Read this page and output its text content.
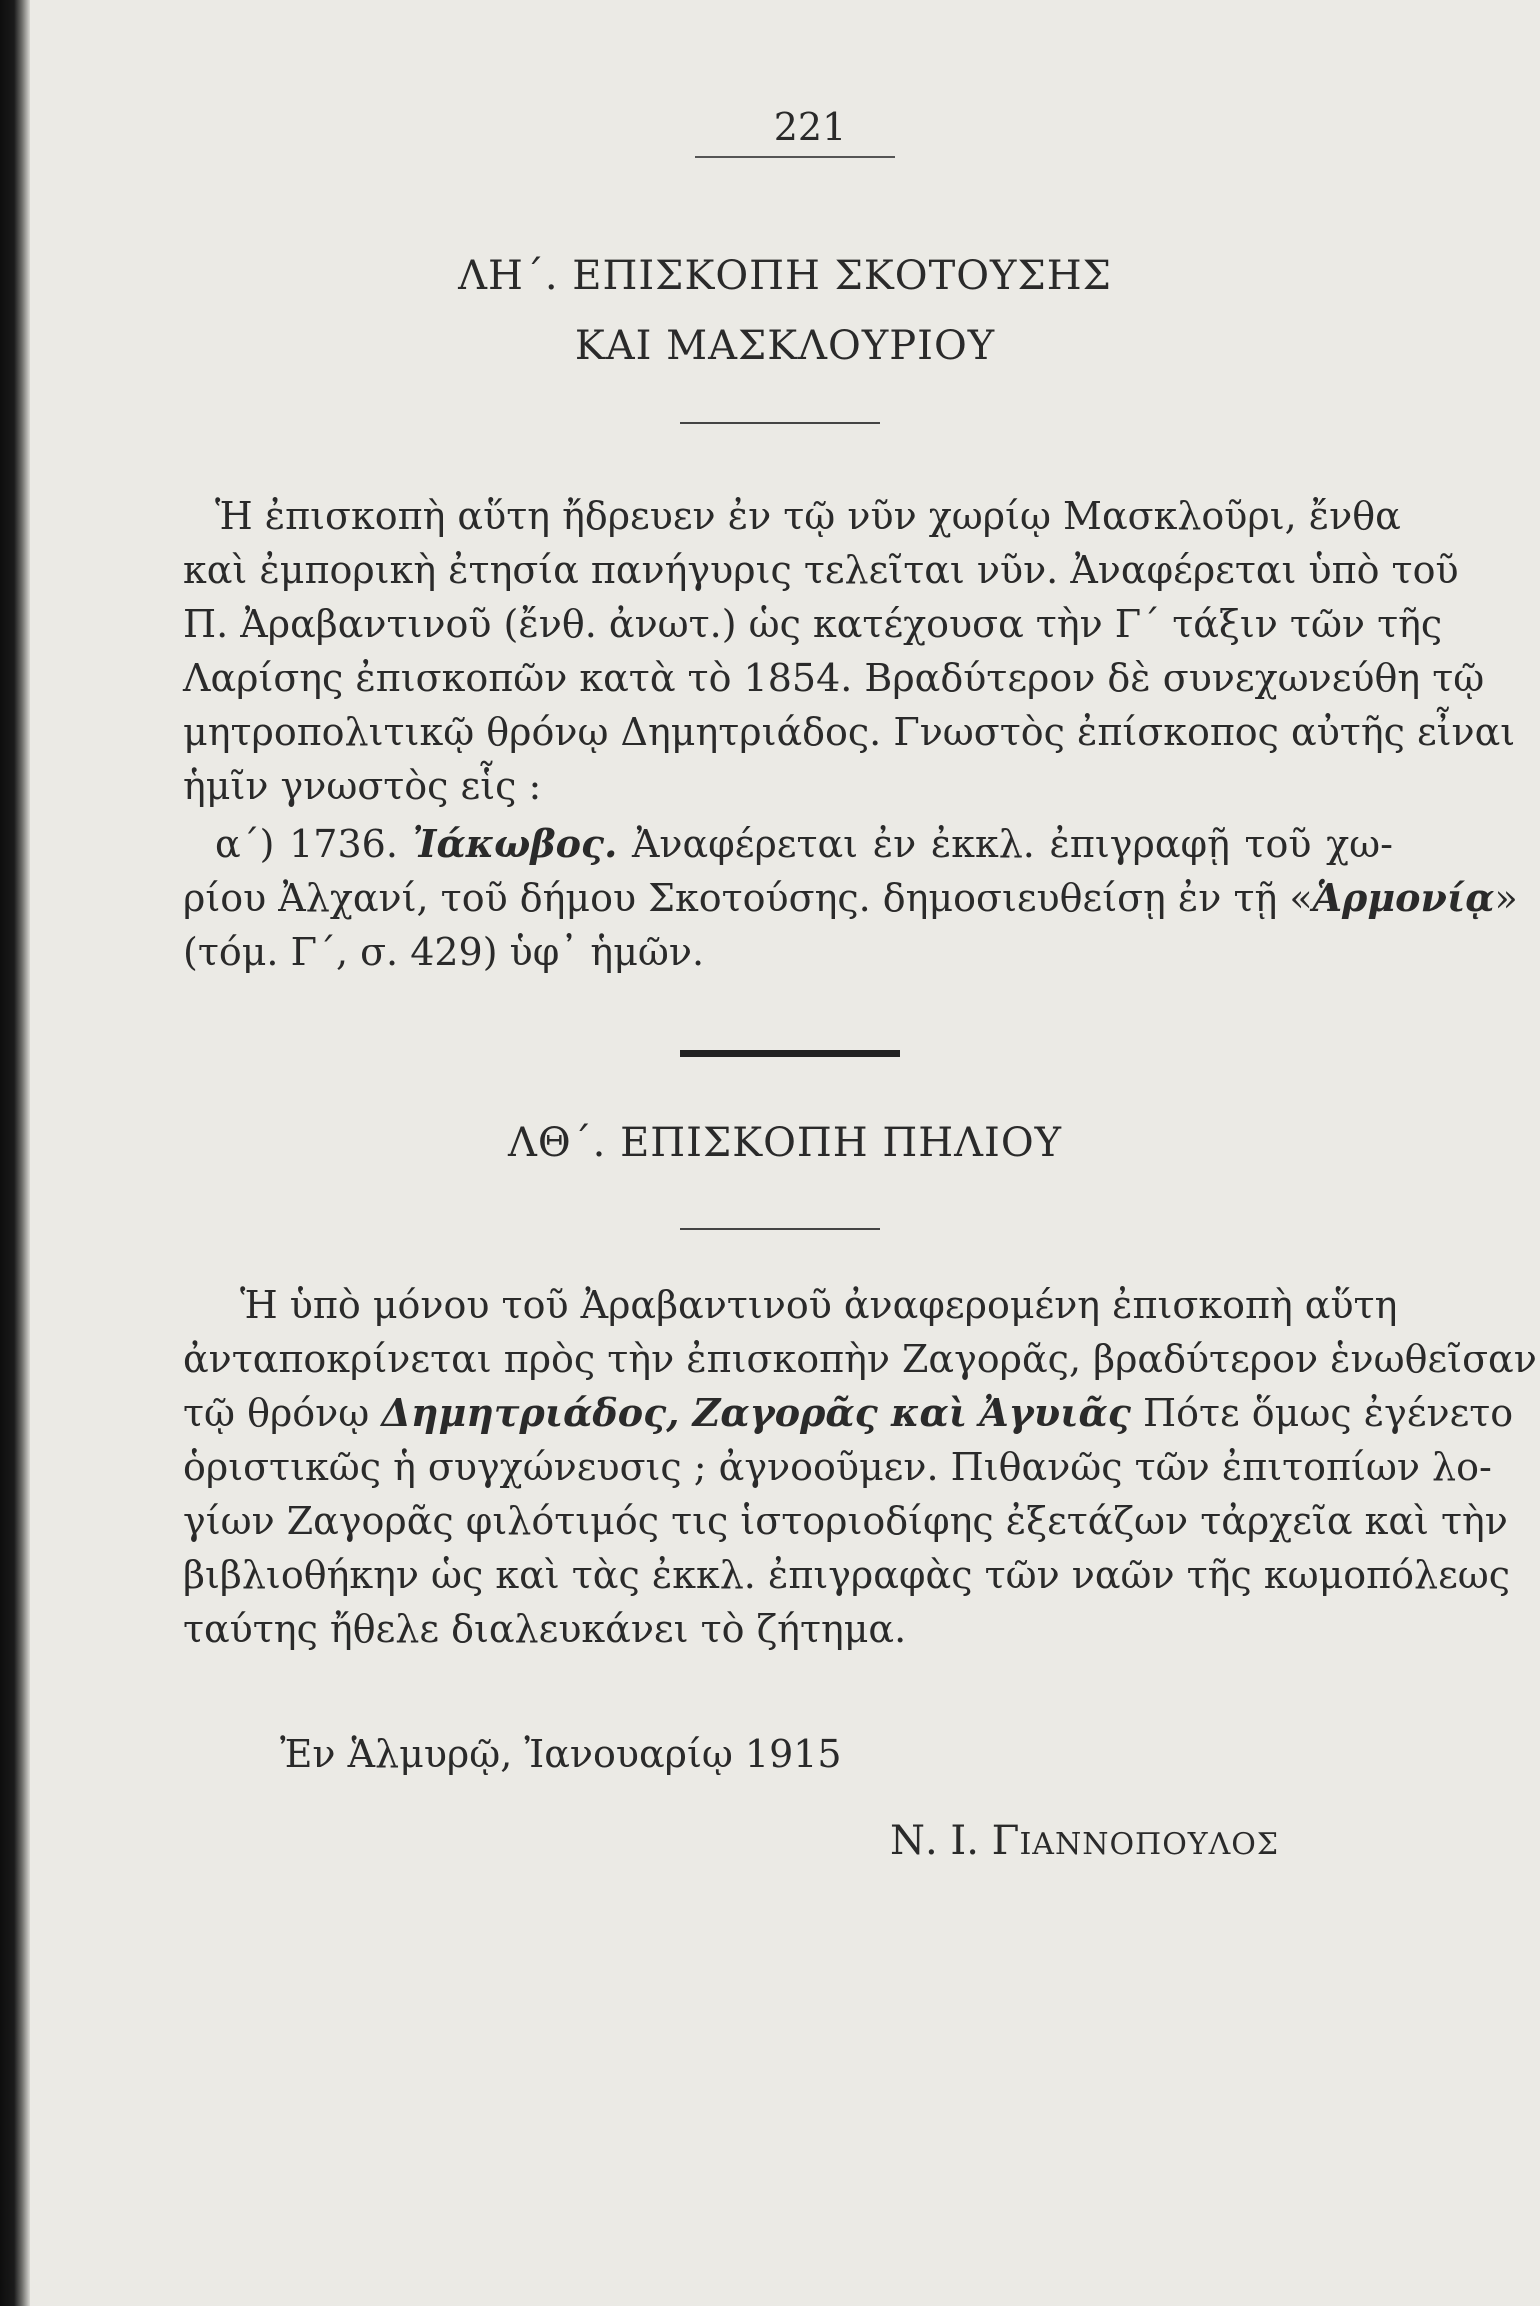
221
ΛΗ΄. ΕΠΙΣΚΟΠΗ ΣΚΟΤΟΥΣΗΣ
ΚΑΙ ΜΑΣΚΛΟΥΡΙΟΥ
Ἡ ἐπισκοπὴ αὕτη ἤδρευεν ἐν τῷ νῦν χωρίῳ Μασκλοῦρι, ἔνθα
καὶ ἐμπορικὴ ἐτησία πανήγυρις τελεῖται νῦν. Ἀναφέρεται ὑπὸ τοῦ
Π. Ἀραβαντινοῦ (ἔνθ. ἀνωτ.) ὡς κατέχουσα τὴν Γ΄ τάξιν τῶν τῆς
Λαρίσης ἐπισκοπῶν κατὰ τὸ 1854. Βραδύτερον δὲ συνεχωνεύθη τῷ
μητροπολιτικῷ θρόνῳ Δημητριάδος. Γνωστὸς ἐπίσκοπος αὐτῆς εἶναι
ἡμῖν γνωστὸς εἷς :
α΄) 1736. Ἰάκωβος. Ἀναφέρεται ἐν ἐκκλ. ἐπιγραφῇ τοῦ χω-
ρίου Ἀλχανί, τοῦ δήμου Σκοτούσης. δημοσιευθείσῃ ἐν τῇ «Ἁρμονίᾳ»
(τόμ. Γ΄, σ. 429) ὑφ᾽ ἡμῶν.
ΛΘ΄. ΕΠΙΣΚΟΠΗ ΠΗΛΙΟΥ
Ἡ ὑπὸ μόνου τοῦ Ἀραβαντινοῦ ἀναφερομένη ἐπισκοπὴ αὕτη
ἀνταποκρίνεται πρὸς τὴν ἐπισκοπὴν Ζαγορᾶς, βραδύτερον ἑνωθεῖσαν
τῷ θρόνῳ Δημητριάδος, Ζαγορᾶς καὶ Ἀγυιᾶς Πότε ὅμως ἐγένετο
ὁριστικῶς ἡ συγχώνευσις ; ἀγνοοῦμεν. Πιθανῶς τῶν ἐπιτοπίων λο-
γίων Ζαγορᾶς φιλότιμός τις ἱστοριοδίφης ἐξετάζων τἀρχεῖα καὶ τὴν
βιβλιοθήκην ὡς καὶ τὰς ἐκκλ. ἐπιγραφὰς τῶν ναῶν τῆς κωμοπόλεως
ταύτης ἤθελε διαλευκάνει τὸ ζήτημα.
Ἐν Ἁλμυρῷ, Ἰανουαρίῳ 1915
Ν. Ι. ΓΙΑΝΝΟΠΟΥΛΟΣ
